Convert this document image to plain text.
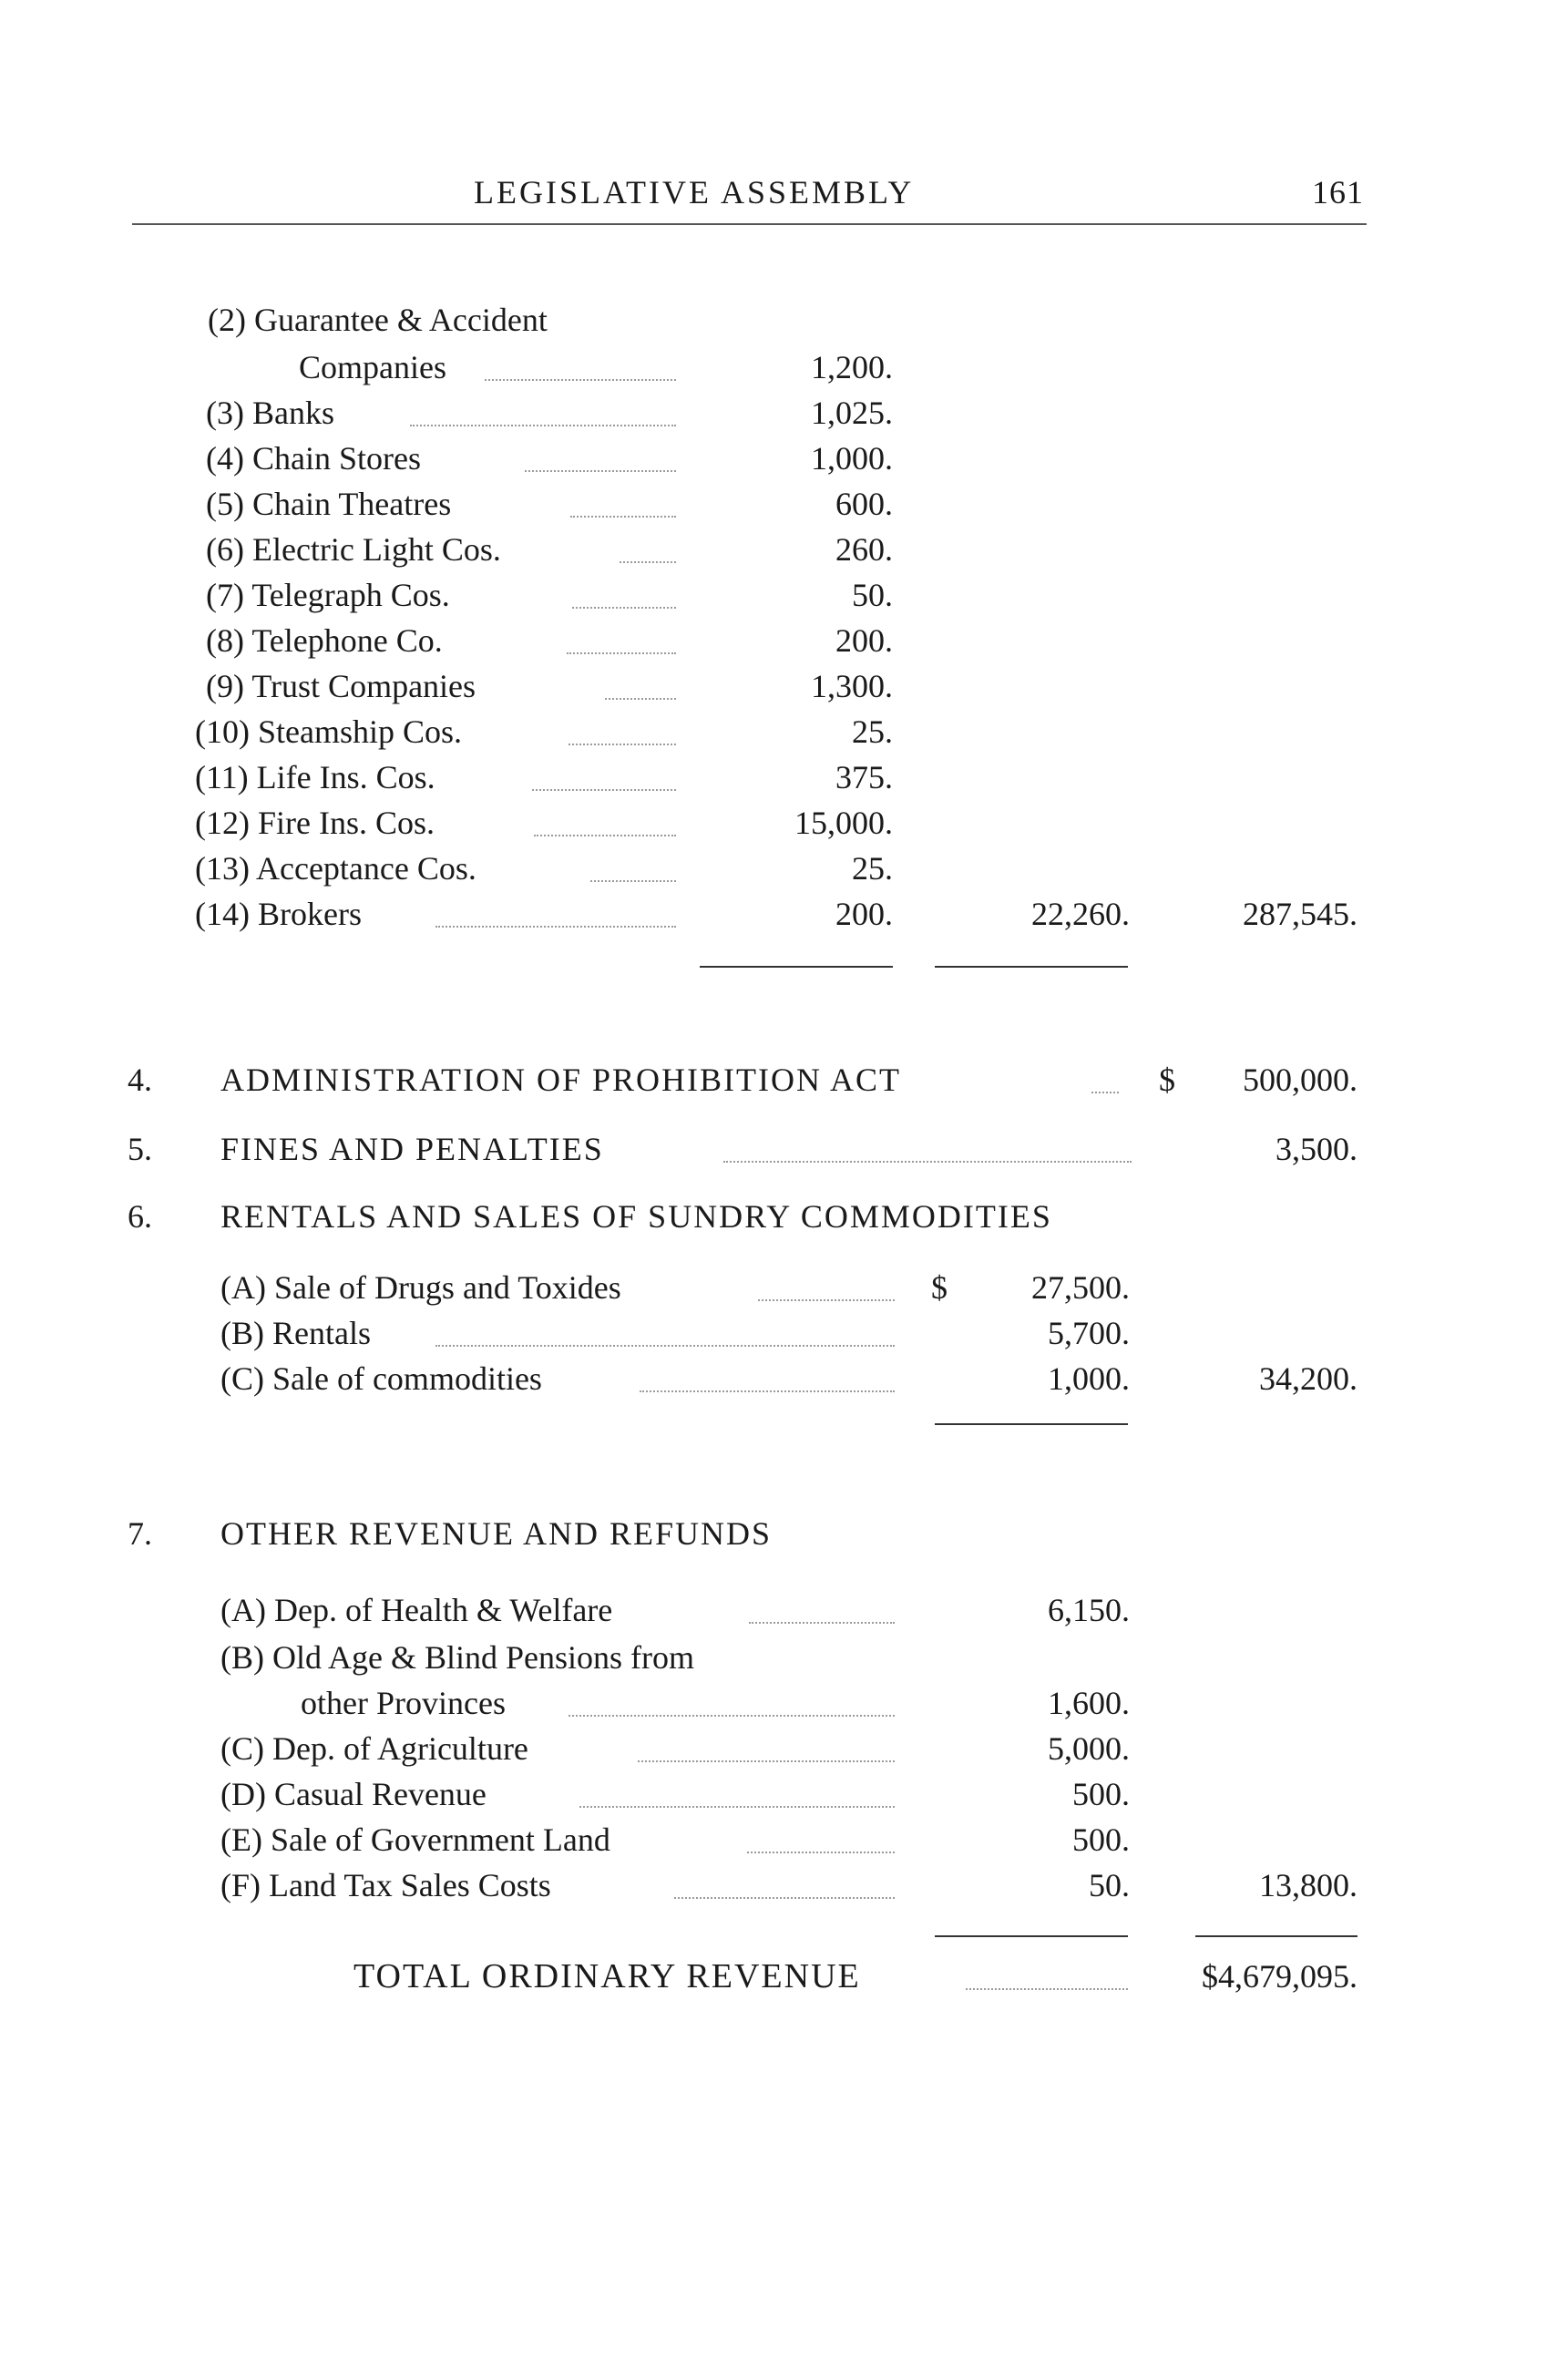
LEGISLATIVE ASSEMBLY	161
(2) Guarantee & Accident
Companies	1,200.
(3) Banks	1,025.
(4) Chain Stores	1,000.
(5) Chain Theatres	600.
(6) Electric Light Cos.	260.
(7) Telegraph Cos.	50.
(8) Telephone Co.	200.
(9) Trust Companies	1,300.
(10) Steamship Cos.	25.
(11) Life Ins. Cos.	375.
(12) Fire Ins. Cos.	15,000.
(13) Acceptance Cos.	25.
(14) Brokers	200.	22,260.	287,545.
4. ADMINISTRATION OF PROHIBITION ACT	$	500,000.
5. FINES AND PENALTIES	3,500.
6. RENTALS AND SALES OF SUNDRY COMMODITIES
(A) Sale of Drugs and Toxides	$	27,500.
(B) Rentals	5,700.
(C) Sale of commodities	1,000.	34,200.
7. OTHER REVENUE AND REFUNDS
(A) Dep. of Health & Welfare	6,150.
(B) Old Age & Blind Pensions from
other Provinces	1,600.
(C) Dep. of Agriculture	5,000.
(D) Casual Revenue	500.
(E) Sale of Government Land	500.
(F) Land Tax Sales Costs	50.	13,800.
TOTAL ORDINARY REVENUE	$4,679,095.
